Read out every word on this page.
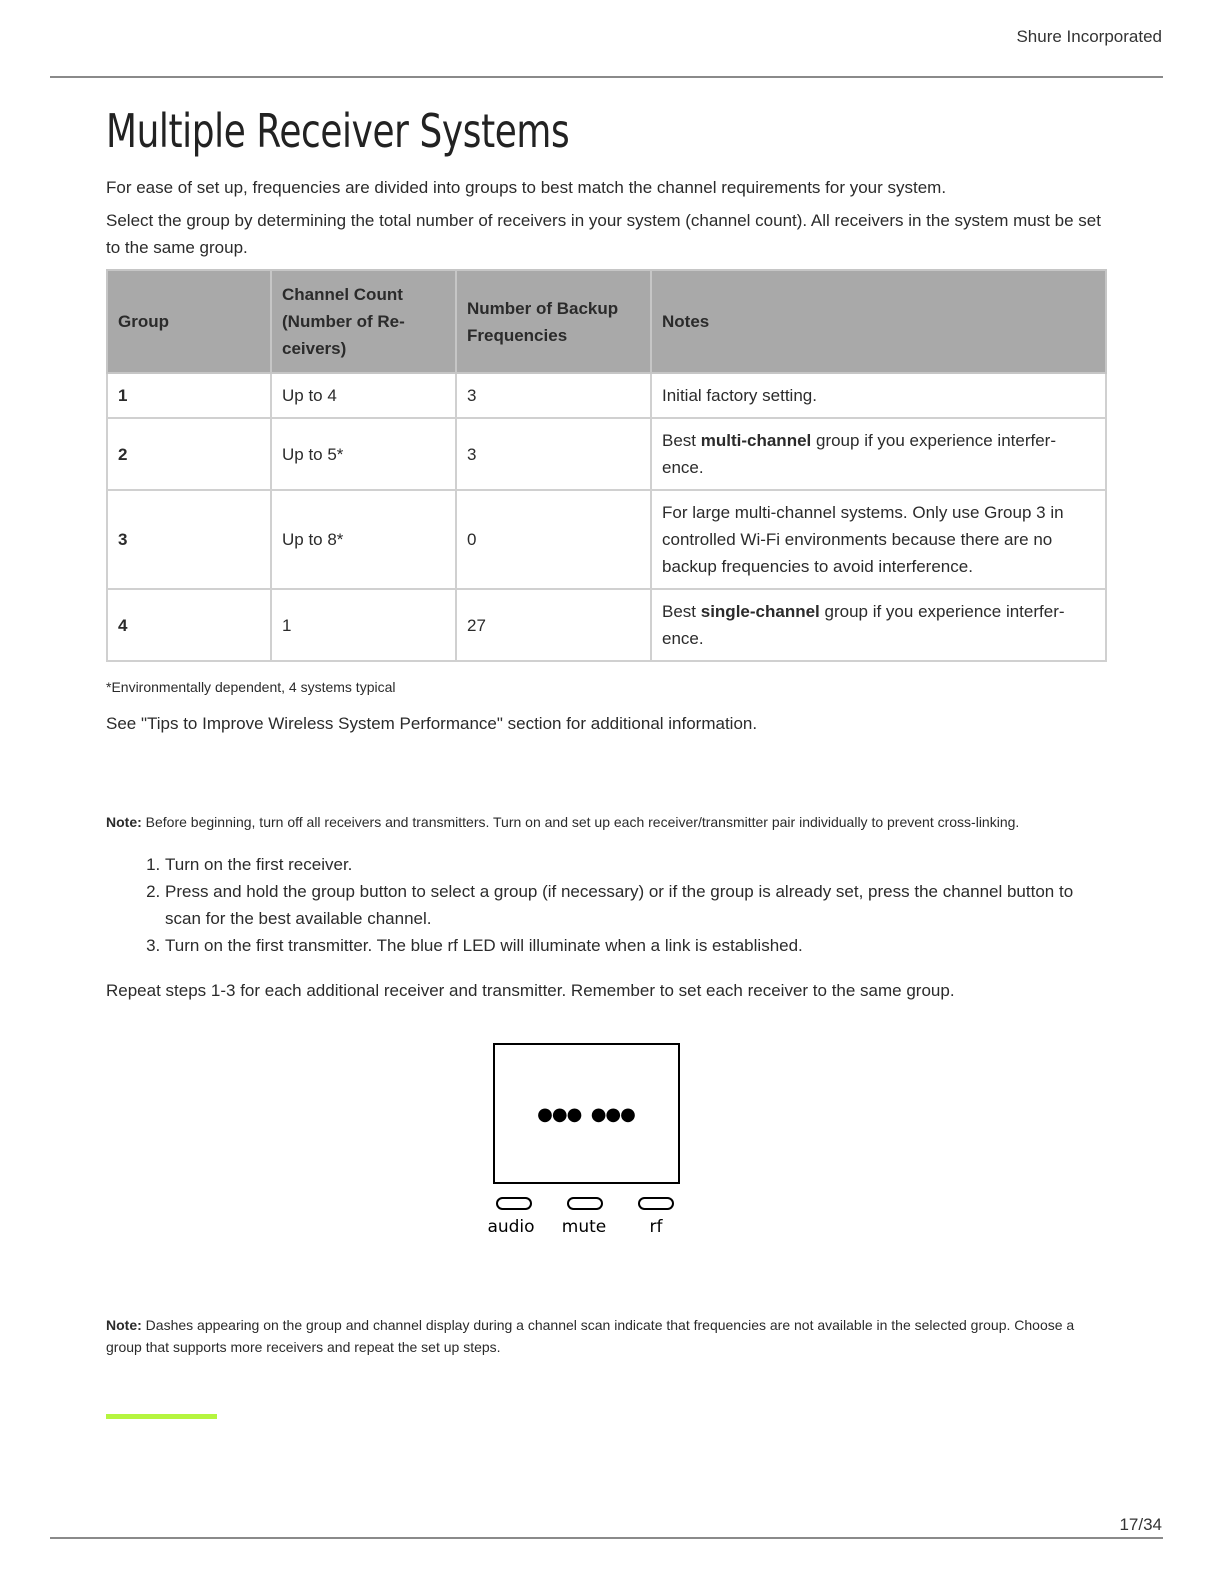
Shure Incorporated
Multiple Receiver Systems

For ease of set up, frequencies are divided into groups to best match the channel requirements for your system.

Select the group by determining the total number of receivers in your system (channel count). All receivers in the system must be set to the same group.

Group	Channel Count (Number of Re-ceivers)	Number of Backup Frequencies	Notes
1	Up to 4	3	Initial factory setting.
2	Up to 5*	3	Best multi-channel group if you experience interfer-ence.
3	Up to 8*	0	For large multi-channel systems. Only use Group 3 in controlled Wi-Fi environments because there are no backup frequencies to avoid interference.
4	1	27	Best single-channel group if you experience interfer-ence.

*Environmentally dependent, 4 systems typical

See "Tips to Improve Wireless System Performance" section for additional information.

Note: Before beginning, turn off all receivers and transmitters. Turn on and set up each receiver/transmitter pair individually to prevent cross-linking.

1. Turn on the first receiver.
2. Press and hold the group button to select a group (if necessary) or if the group is already set, press the channel button to scan for the best available channel.
3. Turn on the first transmitter. The blue rf LED will illuminate when a link is established.

Repeat steps 1-3 for each additional receiver and transmitter. Remember to set each receiver to the same group.

●●●  ●●●
audio mute	rf

Note: Dashes appearing on the group and channel display during a channel scan indicate that frequencies are not available in the selected group. Choose a group that supports more receivers and repeat the set up steps.

17/34
